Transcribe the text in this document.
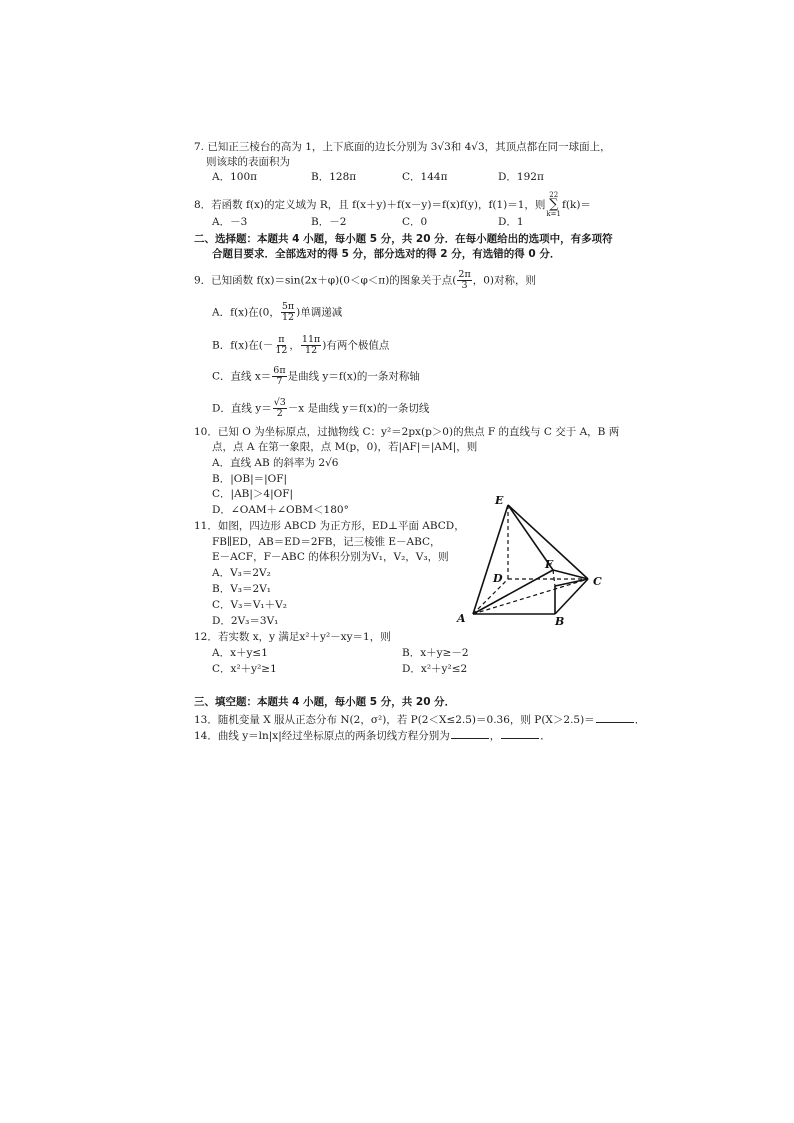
7. 已知正三棱台的高为 1，上下底面的边长分别为 3√3和 4√3，其顶点都在同一球面上，
则该球的表面积为
A．100π	B．128π	C．144π	D．192π
8．若函数 f(x)的定义域为 R，且 f(x＋y)＋f(x－y)＝f(x)f(y)，f(1)＝1，则
22
∑
k=1
f(k)＝
A．－3	B．－2	C．0	D．1
二、选择题：本题共 4 小题，每小题 5 分，共 20 分．在每小题给出的选项中，有多项符
合题目要求．全部选对的得 5 分，部分选对的得 2 分，有选错的得 0 分．
9．已知函数 f(x)＝sin(2x＋φ)(0＜φ＜π)的图象关于点( $\frac{2\pi}{3}$ ，0)对称，则
A．f(x)在(0， $\frac{5\pi}{12}$ )单调递减
B．f(x)在(－ $\frac{\pi}{12}$ ， $\frac{11\pi}{12}$ )有两个极值点
C．直线 $x= \frac{6\pi}{7}$ 是曲线 y＝f(x)的一条对称轴
D．直线 $y= \frac{√3}{2} -x$ 是曲线 y＝f(x)的一条切线
10．已知 O 为坐标原点，过抛物线 C：y²＝2px(p＞0)的焦点 F 的直线与 C 交于 A，B 两
点，点 A 在第一象限，点 M(p，0)，若|AF|＝|AM|，则
A．直线 AB 的斜率为 2√6
B．|OB|＝|OF|
C．|AB|＞4|OF|
D．∠OAM＋∠OBM＜180°
11．如图，四边形 ABCD 为正方形，ED⊥平面 ABCD，
FB∥ED，AB＝ED＝2FB，记三棱锥 E－ABC，
E－ACF，F－ABC 的体积分别为V₁，V₂，V₃，则
A．V₃＝2V₂
B．V₃＝2V₁
C．V₃＝V₁＋V₂
D．2V₃＝3V₁
E
D
F
C
A	B
12．若实数 x，y 满足x²＋y²－xy＝1，则
A．x＋y≤1	B．x＋y≥－2
C．x²＋y²≥1	D．x²＋y²≤2
三、填空题：本题共 4 小题，每小题 5 分，共 20 分．
13．随机变量 X 服从正态分布 N(2，σ²)，若 P(2＜X≤2.5)＝0.36，则 P(X＞2.5)＝	．
14．曲线 y＝ln|x|经过坐标原点的两条切线方程分别为	，	．
